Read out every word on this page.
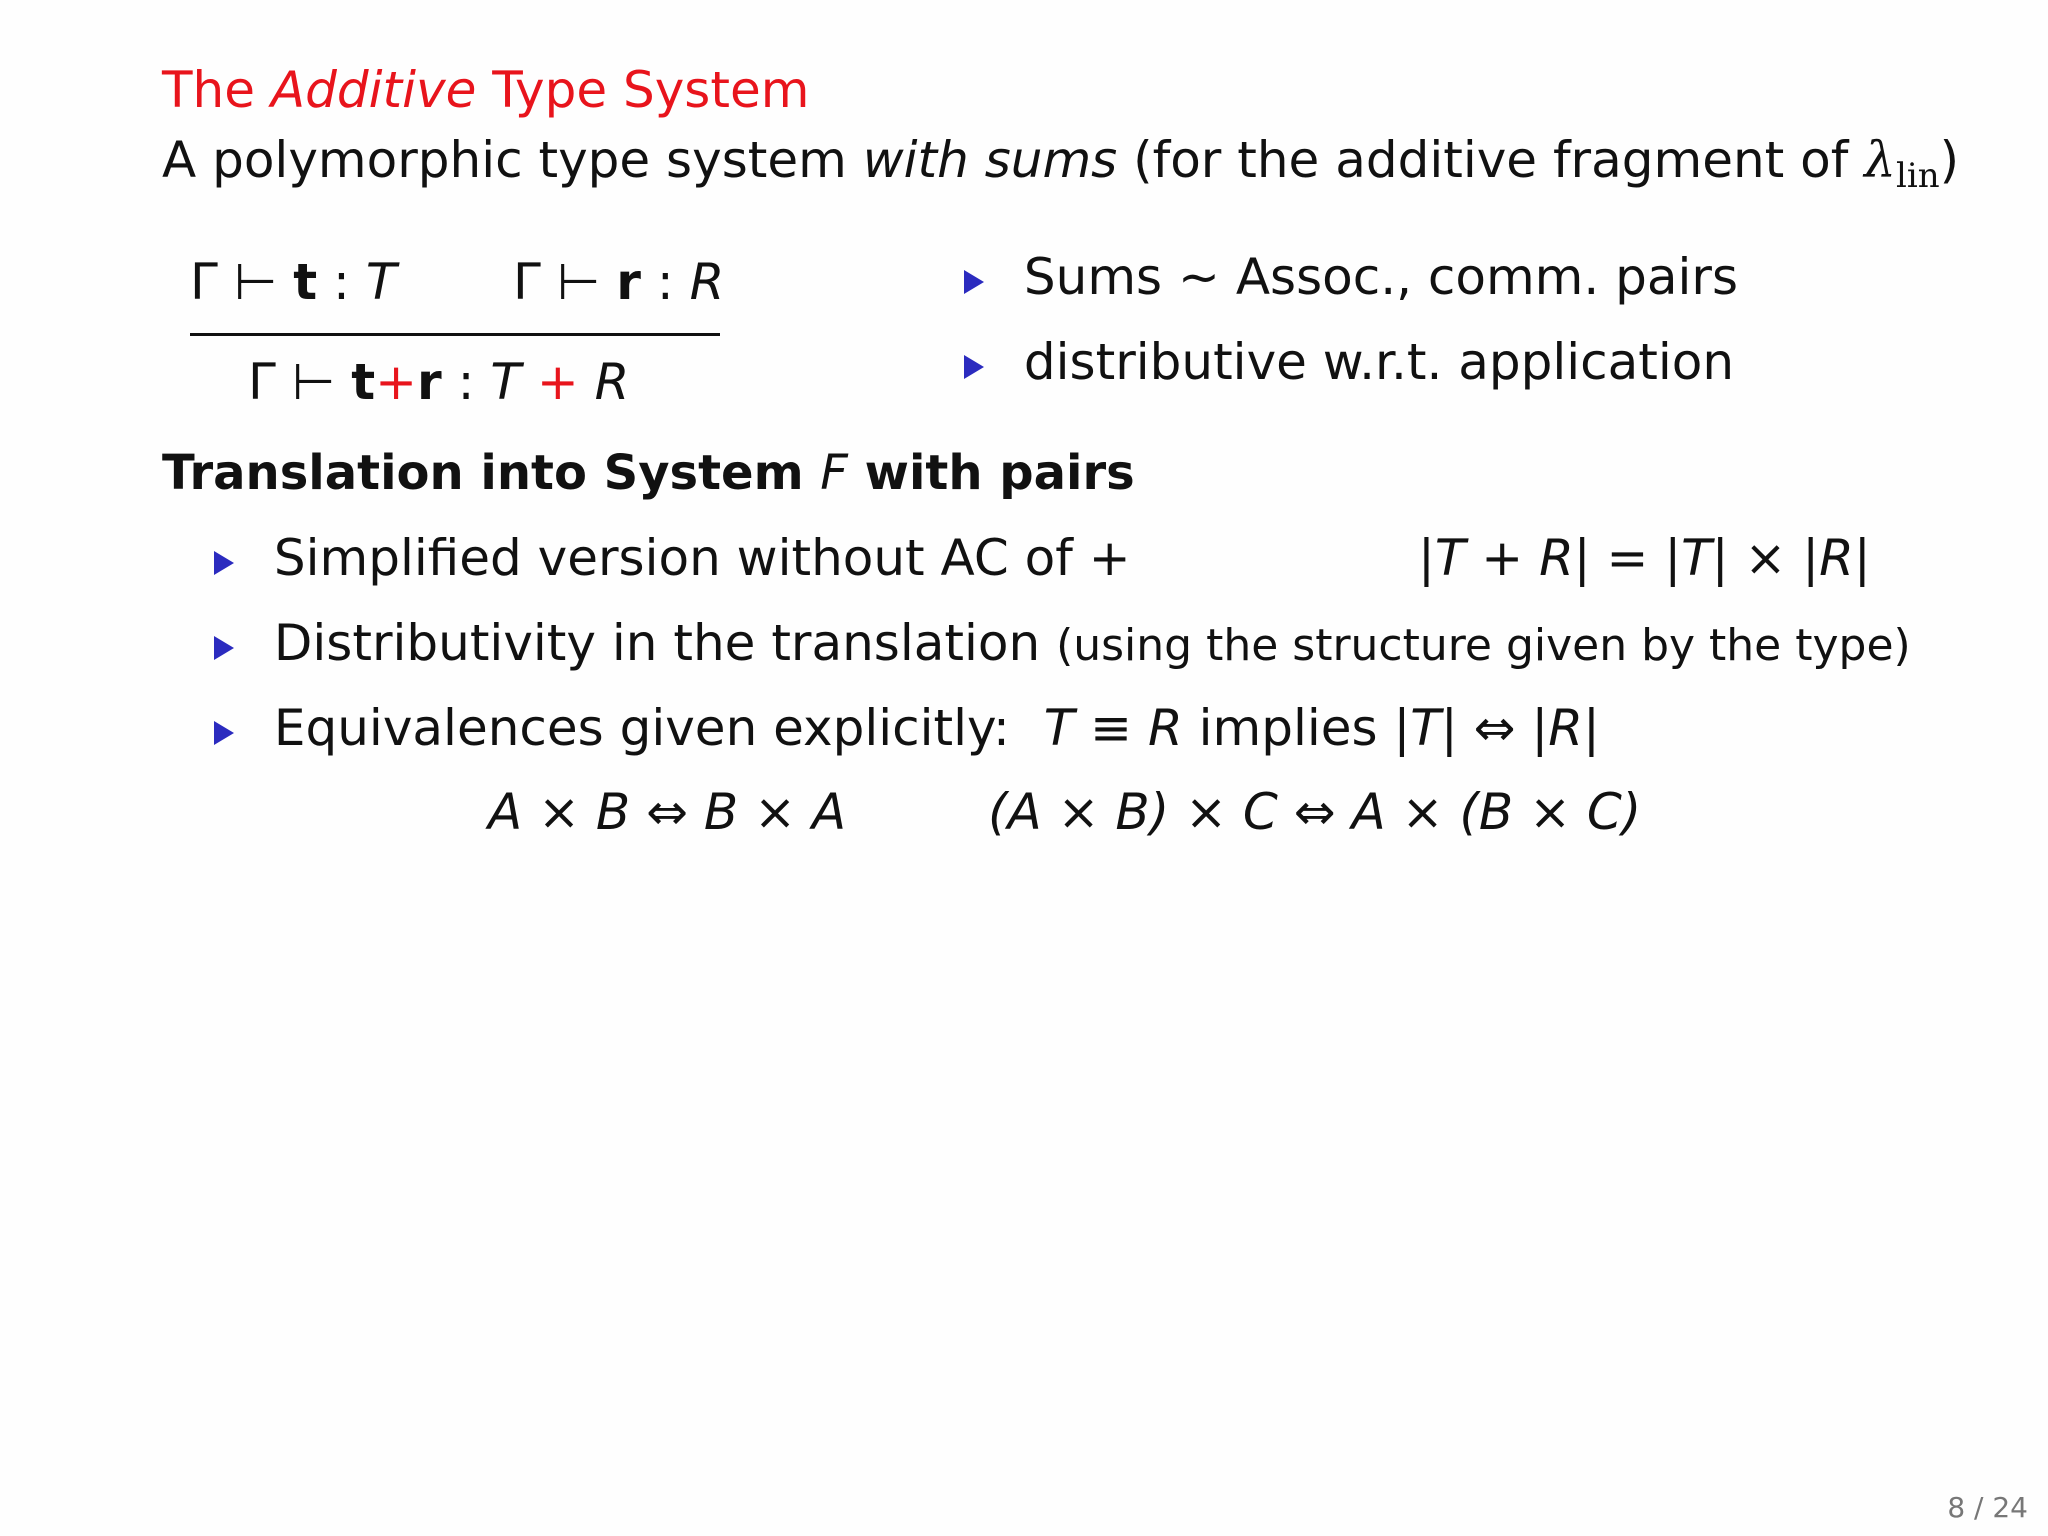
The Additive Type System
A polymorphic type system with sums (for the additive fragment of $\lambda_{lin}$)
Γ ⊢ t : T Γ ⊢ r : R
Γ ⊢ t+r : T + R
Sums ∼ Assoc., comm. pairs
distributive w.r.t. application
Translation into System F with pairs
Simplified version without AC of +	|T + R| = |T| × |R|
Distributivity in the translation (using the structure given by the type)
Equivalences given explicitly: T ≡ R implies |T| ⇔ |R|
A × B ⇔ B × A	(A × B) × C ⇔ A × (B × C)
8 / 24
